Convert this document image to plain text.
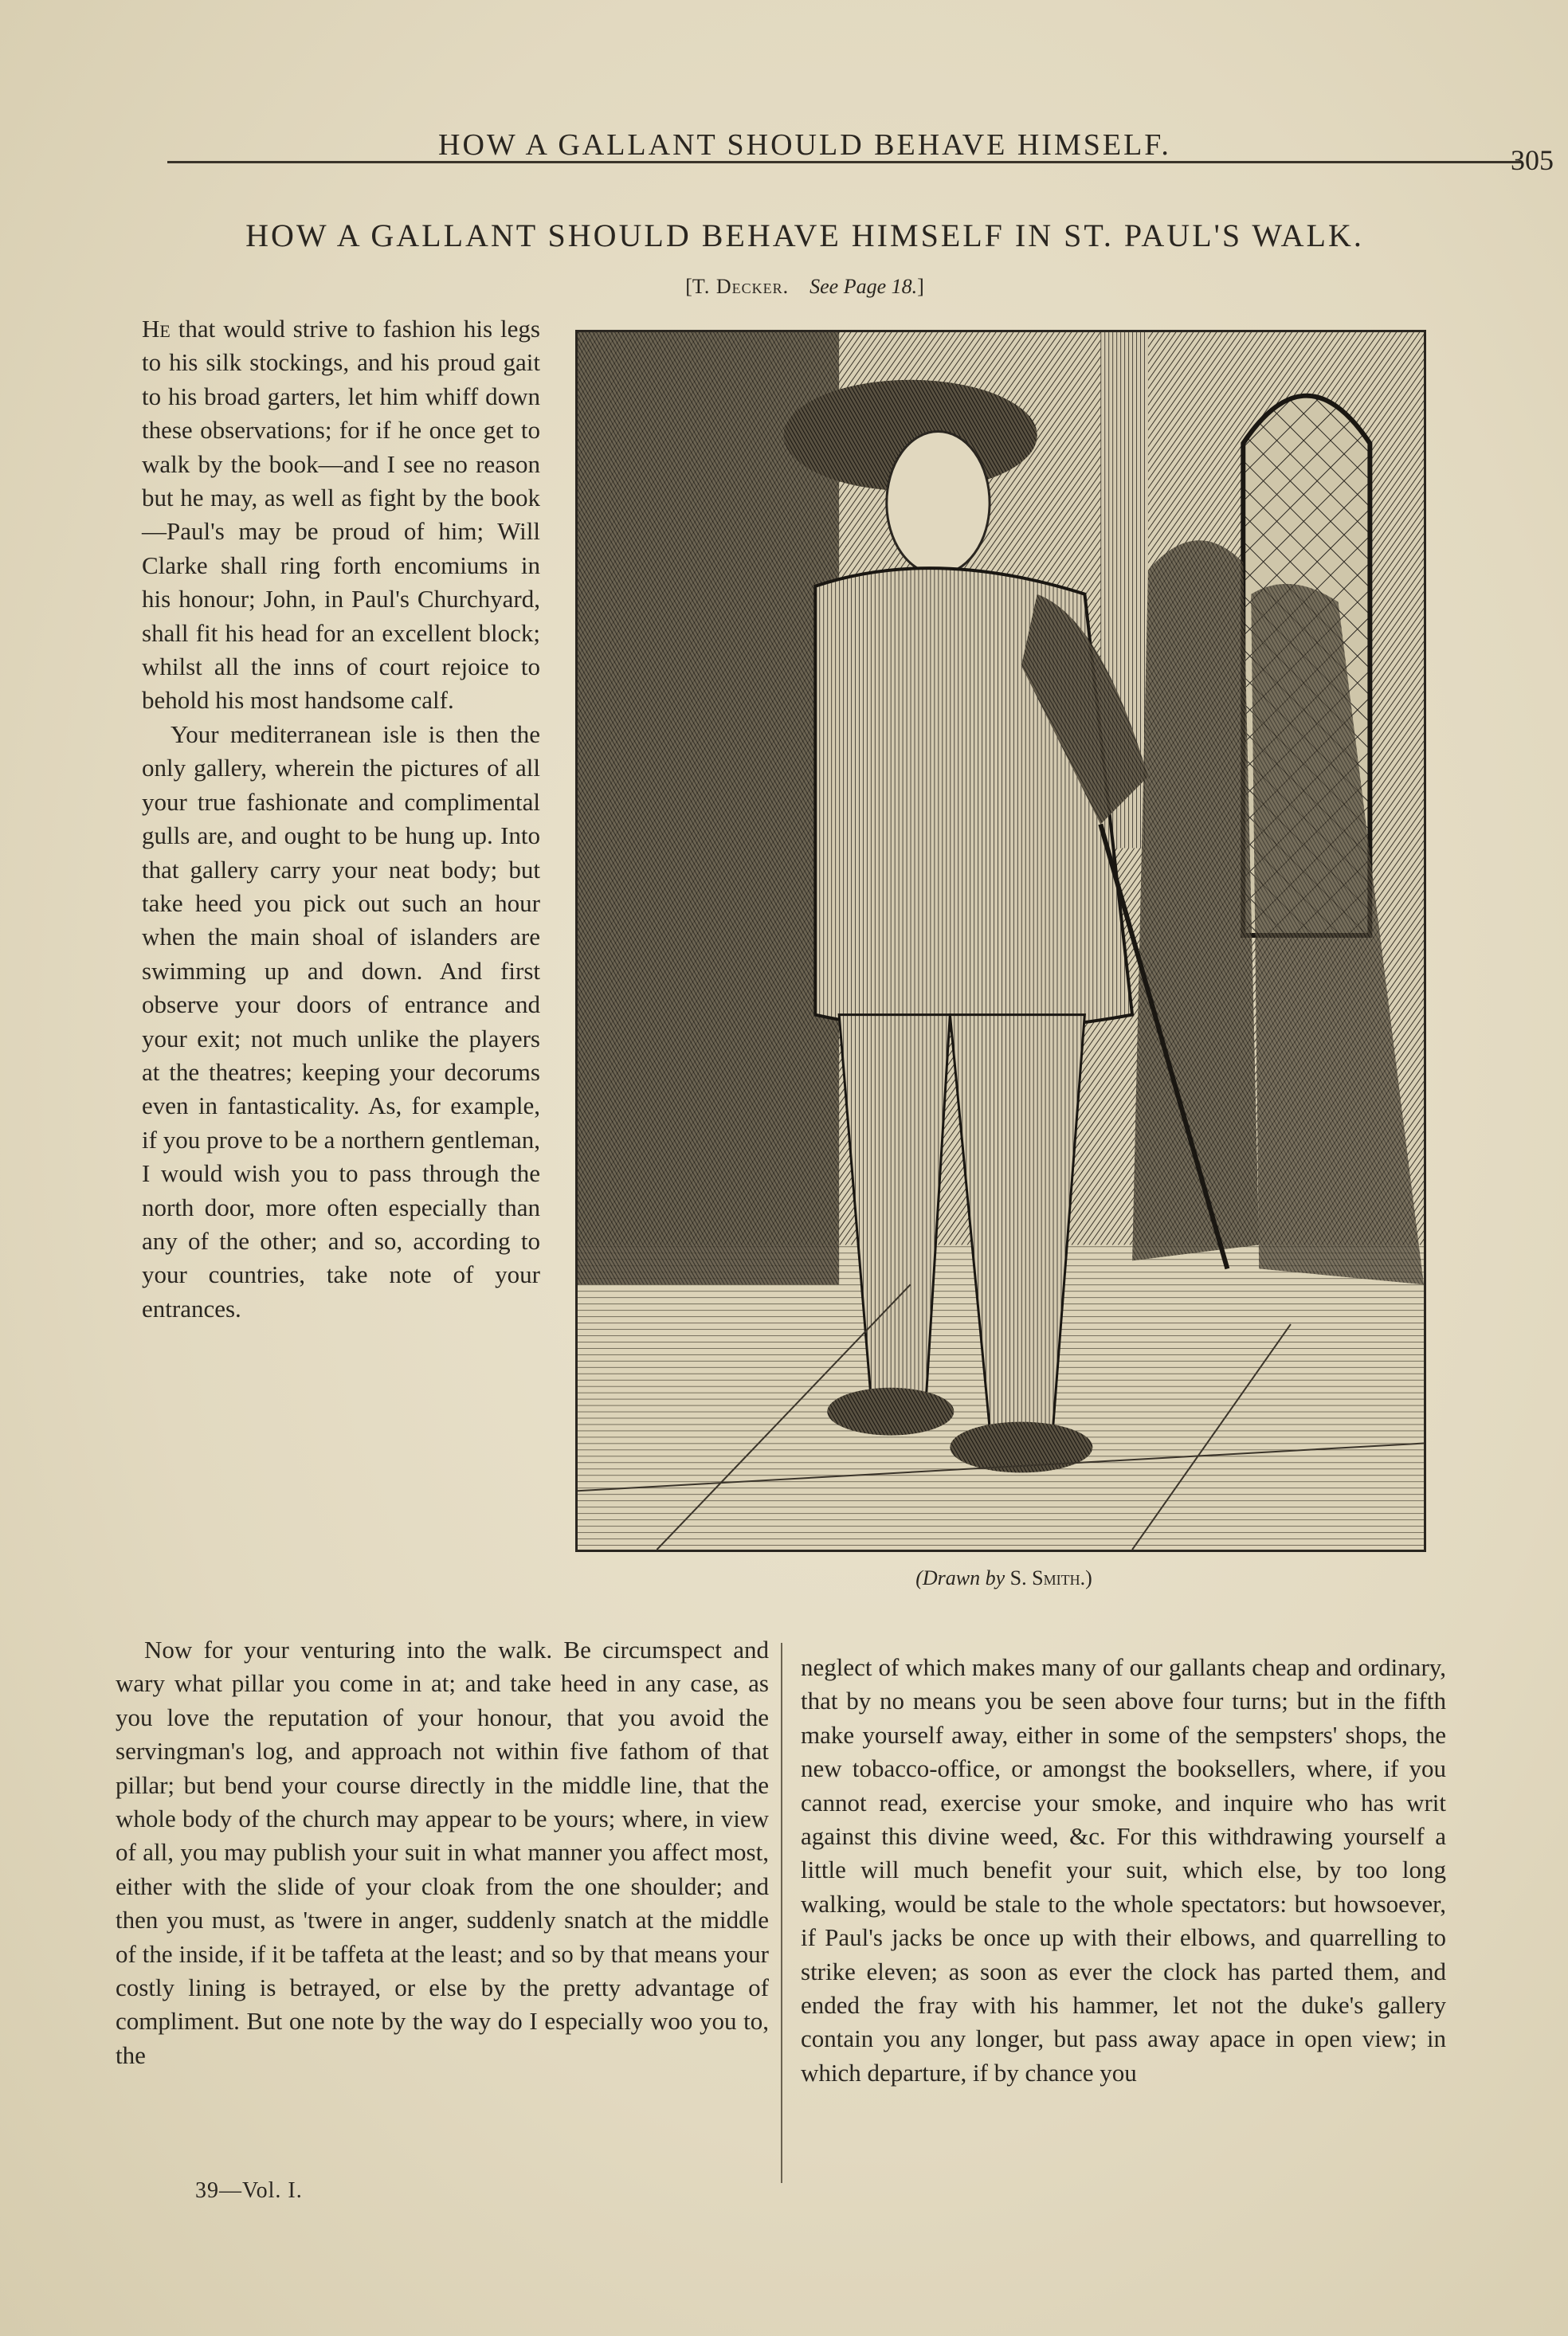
HOW A GALLANT SHOULD BEHAVE HIMSELF.	305
HOW A GALLANT SHOULD BEHAVE HIMSELF IN ST. PAUL'S WALK.
[T. Decker. See Page 18.]

He that would strive to fashion his legs to his silk stockings, and his proud gait to his broad garters, let him whiff down these observations; for if he once get to walk by the book—and I see no reason but he may, as well as fight by the book—Paul's may be proud of him; Will Clarke shall ring forth encomiums in his honour; John, in Paul's Churchyard, shall fit his head for an excellent block; whilst all the inns of court rejoice to behold his most handsome calf.

Your mediterranean isle is then the only gallery, wherein the pictures of all your true fashionate and complimental gulls are, and ought to be hung up. Into that gallery carry your neat body; but take heed you pick out such an hour when the main shoal of islanders are swimming up and down. And first observe your doors of entrance and your exit; not much unlike the players at the theatres; keeping your decorums even in fantasticality. As, for example, if you prove to be a northern gentleman, I would wish you to pass through the north door, more often especially than any of the other; and so, according to your countries, take note of your entrances.

(Drawn by S. Smith.)

Now for your venturing into the walk. Be circumspect and wary what pillar you come in at; and take heed in any case, as you love the reputation of your honour, that you avoid the servingman's log, and approach not within five fathom of that pillar; but bend your course directly in the middle line, that the whole body of the church may appear to be yours; where, in view of all, you may publish your suit in what manner you affect most, either with the slide of your cloak from the one shoulder; and then you must, as 'twere in anger, suddenly snatch at the middle of the inside, if it be taffeta at the least; and so by that means your costly lining is betrayed, or else by the pretty advantage of compliment. But one note by the way do I especially woo you to, the

neglect of which makes many of our gallants cheap and ordinary, that by no means you be seen above four turns; but in the fifth make yourself away, either in some of the sempsters' shops, the new tobacco-office, or amongst the booksellers, where, if you cannot read, exercise your smoke, and inquire who has writ against this divine weed, &c. For this withdrawing yourself a little will much benefit your suit, which else, by too long walking, would be stale to the whole spectators: but howsoever, if Paul's jacks be once up with their elbows, and quarrelling to strike eleven; as soon as ever the clock has parted them, and ended the fray with his hammer, let not the duke's gallery contain you any longer, but pass away apace in open view; in which departure, if by chance you

39—Vol. I.
